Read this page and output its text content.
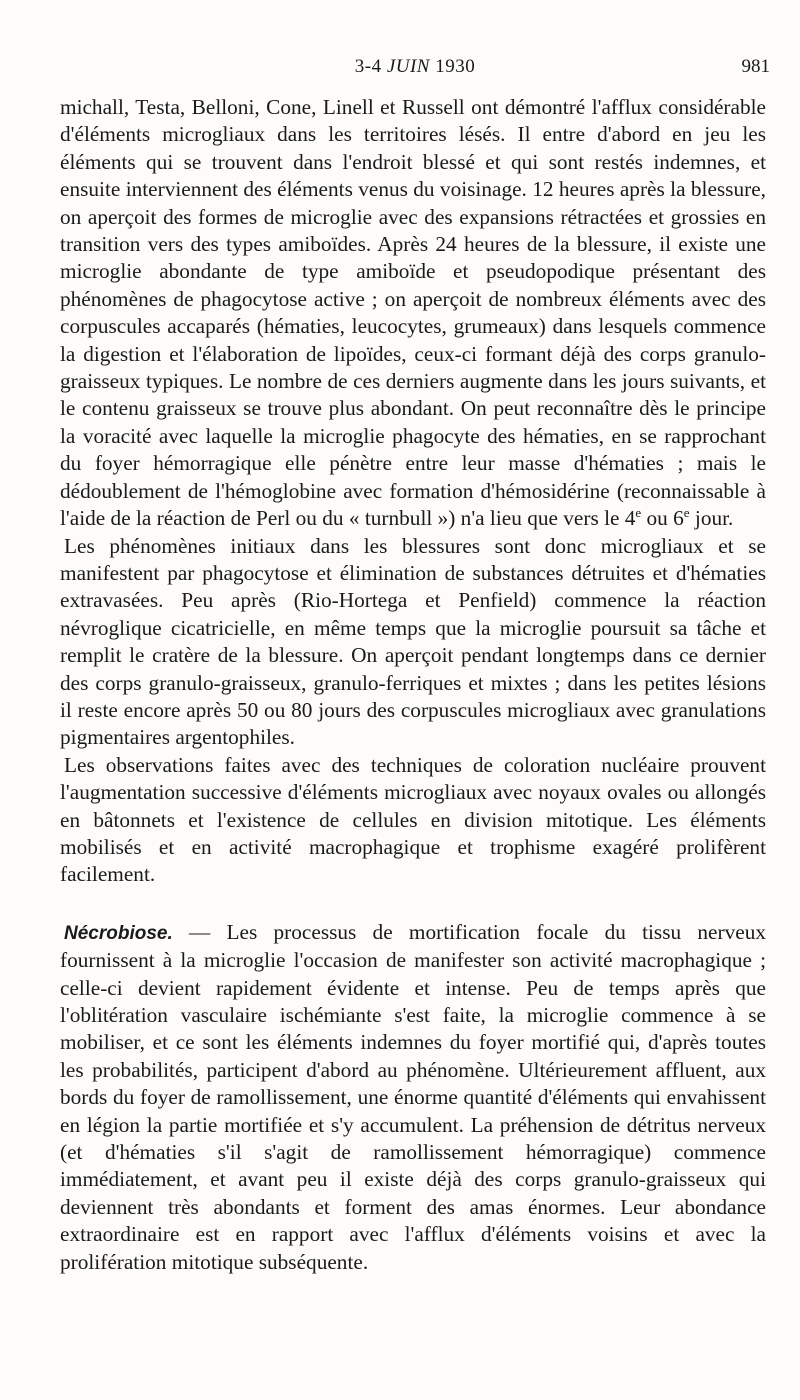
3-4 JUIN 1930	981

michall, Testa, Belloni, Cone, Linell et Russell ont démontré l'afflux considérable d'éléments microgliaux dans les territoires lésés. Il entre d'abord en jeu les éléments qui se trouvent dans l'endroit blessé et qui sont restés indemnes, et ensuite interviennent des éléments venus du voisinage. 12 heures après la blessure, on aperçoit des formes de microglie avec des expansions rétractées et grossies en transition vers des types amiboïdes. Après 24 heures de la blessure, il existe une microglie abondante de type amiboïde et pseudopodique présentant des phénomènes de phagocytose active ; on aperçoit de nombreux éléments avec des corpuscules accaparés (hématies, leucocytes, grumeaux) dans lesquels commence la digestion et l'élaboration de lipoïdes, ceux-ci formant déjà des corps granulo-graisseux typiques. Le nombre de ces derniers augmente dans les jours suivants, et le contenu graisseux se trouve plus abondant. On peut reconnaître dès le principe la voracité avec laquelle la microglie phagocyte des hématies, en se rapprochant du foyer hémorragique elle pénètre entre leur masse d'hématies ; mais le dédoublement de l'hémoglobine avec formation d'hémosidérine (reconnaissable à l'aide de la réaction de Perl ou du « turnbull ») n'a lieu que vers le 4e ou 6e jour.

Les phénomènes initiaux dans les blessures sont donc microgliaux et se manifestent par phagocytose et élimination de substances détruites et d'hématies extravasées. Peu après (Rio-Hortega et Penfield) commence la réaction névroglique cicatricielle, en même temps que la microglie poursuit sa tâche et remplit le cratère de la blessure. On aperçoit pendant longtemps dans ce dernier des corps granulo-graisseux, granulo-ferriques et mixtes ; dans les petites lésions il reste encore après 50 ou 80 jours des corpuscules microgliaux avec granulations pigmentaires argentophiles.

Les observations faites avec des techniques de coloration nucléaire prouvent l'augmentation successive d'éléments microgliaux avec noyaux ovales ou allongés en bâtonnets et l'existence de cellules en division mitotique. Les éléments mobilisés et en activité macrophagique et trophisme exagéré prolifèrent facilement.

Nécrobiose. — Les processus de mortification focale du tissu nerveux fournissent à la microglie l'occasion de manifester son activité macrophagique ; celle-ci devient rapidement évidente et intense. Peu de temps après que l'oblitération vasculaire ischémiante s'est faite, la microglie commence à se mobiliser, et ce sont les éléments indemnes du foyer mortifié qui, d'après toutes les probabilités, participent d'abord au phénomène. Ultérieurement affluent, aux bords du foyer de ramollissement, une énorme quantité d'éléments qui envahissent en légion la partie mortifiée et s'y accumulent. La préhension de détritus nerveux (et d'hématies s'il s'agit de ramollissement hémorragique) commence immédiatement, et avant peu il existe déjà des corps granulo-graisseux qui deviennent très abondants et forment des amas énormes. Leur abondance extraordinaire est en rapport avec l'afflux d'éléments voisins et avec la prolifération mitotique subséquente.
